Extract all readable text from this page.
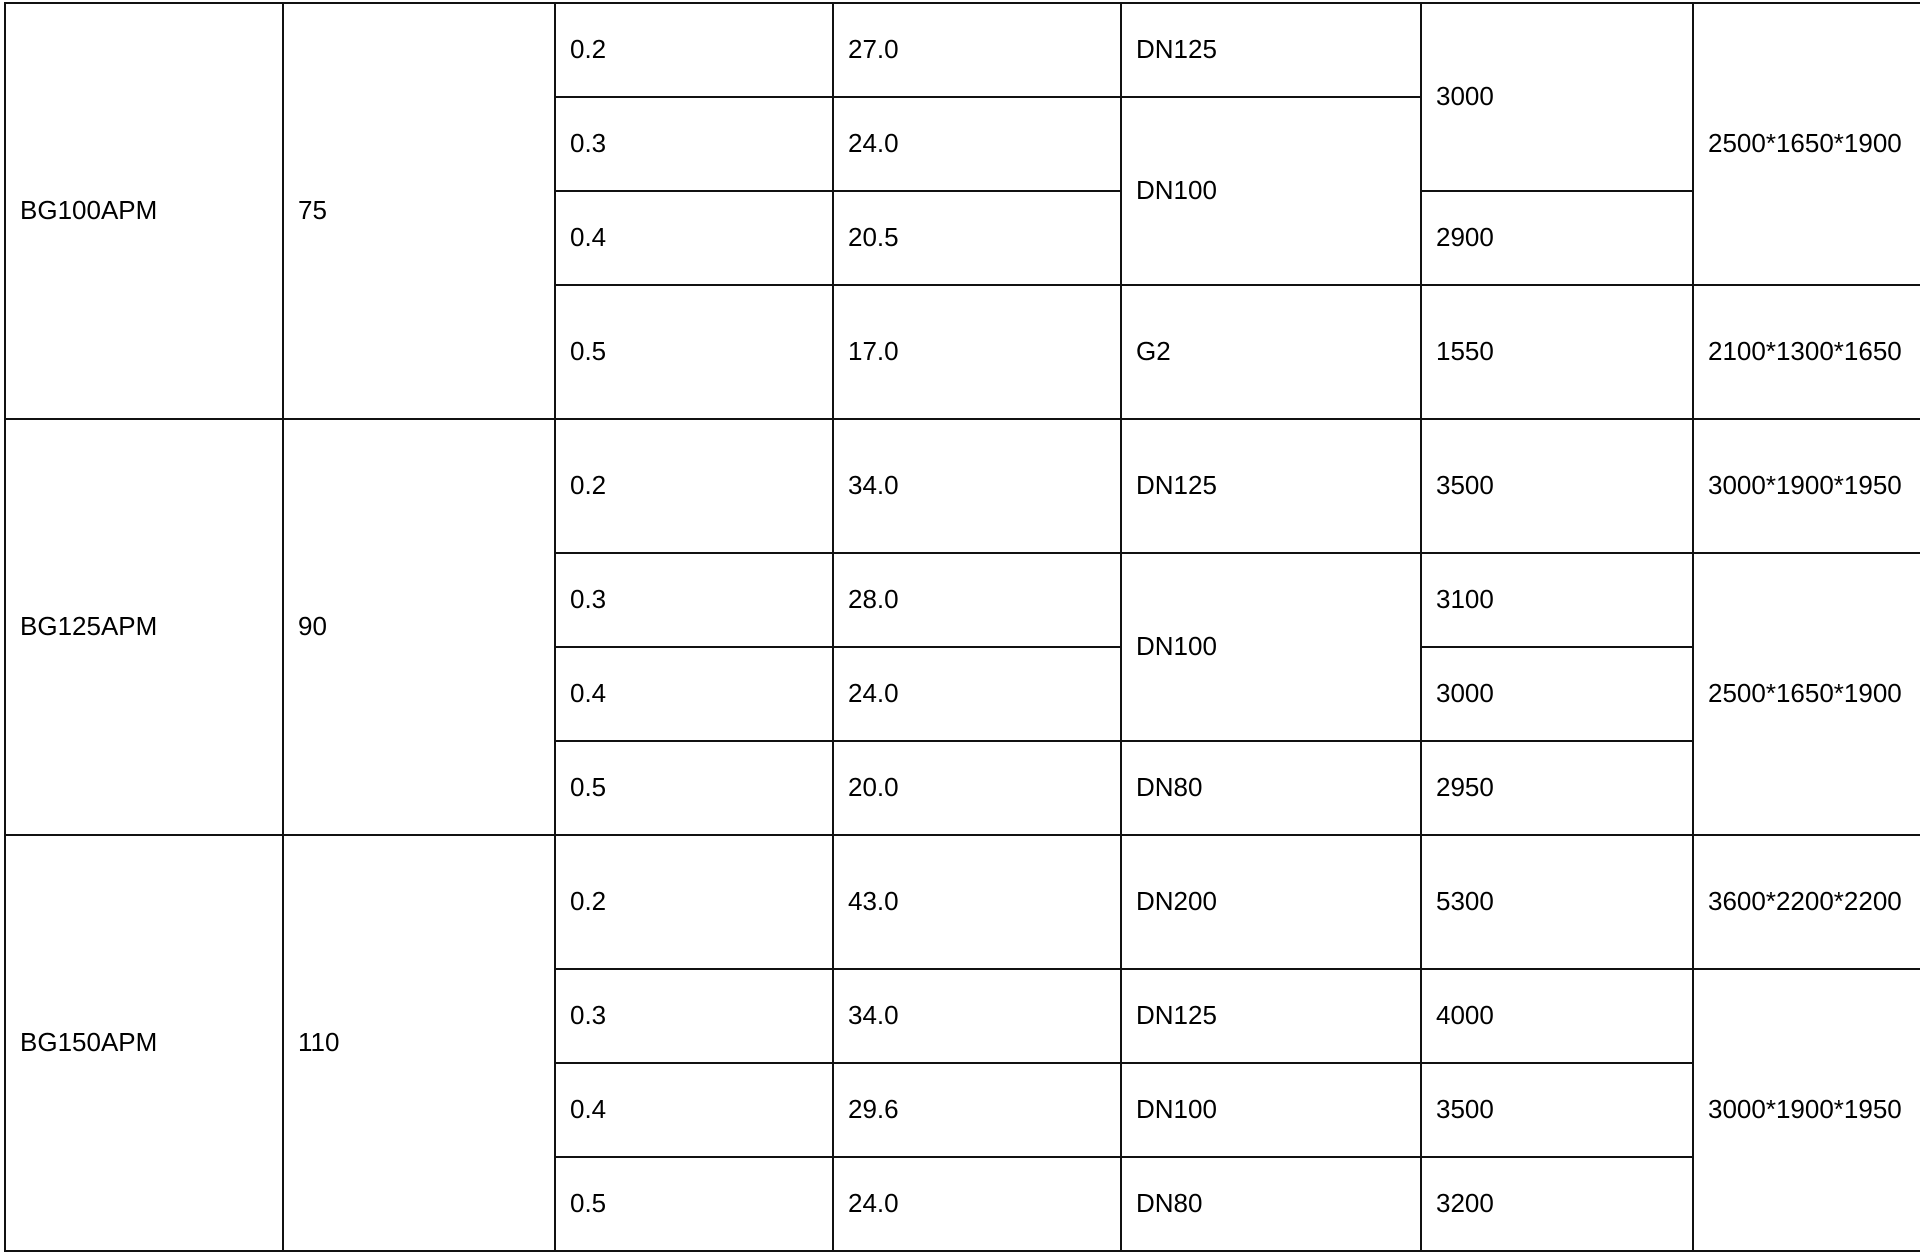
BG100APM	75	0.2	27.0	DN125	3000	2500*1650*1900
		0.3	24.0	DN100		
		0.4	20.5		2900	
		0.5	17.0	G2	1550	2100*1300*1650
BG125APM	90	0.2	34.0	DN125	3500	3000*1900*1950
		0.3	28.0	DN100	3100	2500*1650*1900
		0.4	24.0		3000	
		0.5	20.0	DN80	2950	
BG150APM	110	0.2	43.0	DN200	5300	3600*2200*2200
		0.3	34.0	DN125	4000	3000*1900*1950
		0.4	29.6	DN100	3500	
		0.5	24.0	DN80	3200	
